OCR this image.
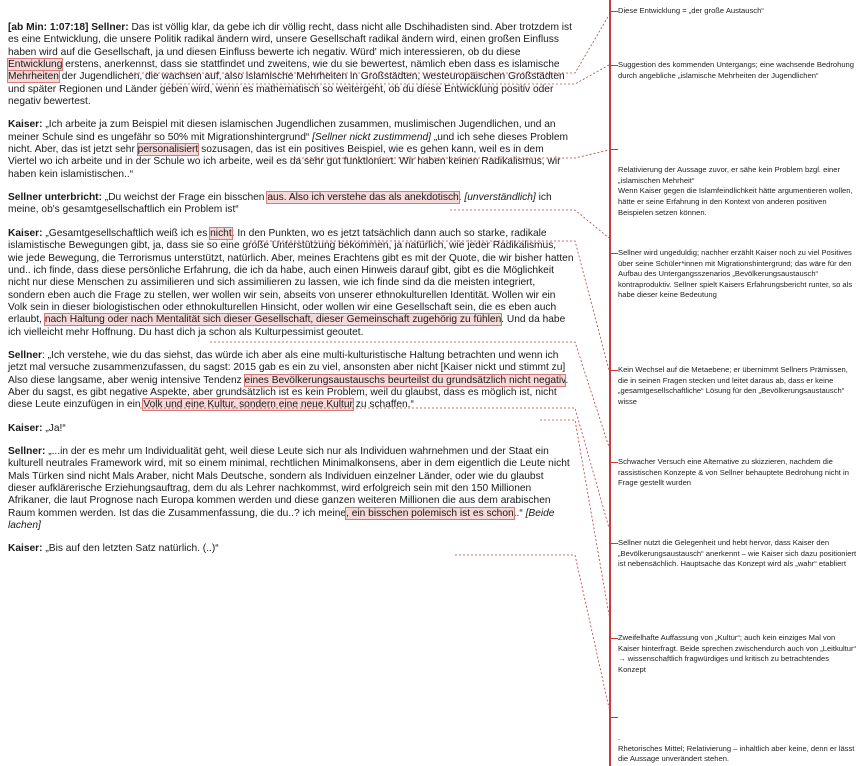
[ab Min: 1:07:18] Sellner: Das ist völlig klar, da gebe ich dir völlig recht, dass nicht alle Dschihadisten sind. Aber trotzdem ist es eine Entwicklung, die unsere Politik radikal ändern wird, unsere Gesellschaft radikal ändern wird, einen großen Einfluss haben wird auf die Gesellschaft, ja und diesen Einfluss bewerte ich negativ. Würd' mich interessieren, ob du diese Entwicklung erstens, anerkennst, dass sie stattfindet und zweitens, wie du sie bewertest, nämlich eben dass es islamische Mehrheiten der Jugendlichen, die wachsen auf, also islamische Mehrheiten in Großstädten, westeuropäischen Großstädten und später Regionen und Länder geben wird, wenn es mathematisch so weitergeht, ob du diese Entwicklung positiv oder negativ bewertest.

Kaiser: „Ich arbeite ja zum Beispiel mit diesen islamischen Jugendlichen zusammen, muslimischen Jugendlichen, und an meiner Schule sind es ungefähr so 50% mit Migrationshintergrund“ [Sellner nickt zustimmend] „und ich sehe dieses Problem nicht. Aber, das ist jetzt sehr personalisiert sozusagen, das ist ein positives Beispiel, wie es gehen kann, weil es in dem Viertel wo ich arbeite und in der Schule wo ich arbeite, weil es da sehr gut funktioniert. Wir haben keinen Radikalismus, wir haben kein islamistischen..“

Sellner unterbricht: „Du weichst der Frage ein bisschen aus. Also ich verstehe das als anekdotisch. [unverständlich] ich meine, ob's gesamtgesellschaftlich ein Problem ist“

Kaiser: „Gesamtgesellschaftlich weiß ich es nicht. In den Punkten, wo es jetzt tatsächlich dann auch so starke, radikale islamistische Bewegungen gibt, ja, dass sie so eine große Unterstützung bekommen, ja natürlich, wie jeder Radikalismus, wie jede Bewegung, die Terrorismus unterstützt, natürlich. Aber, meines Erachtens gibt es mit der Quote, die wir bisher hatten und.. ich finde, dass diese persönliche Erfahrung, die ich da habe, auch einen Hinweis darauf gibt, gibt es die Möglichkeit nicht nur diese Menschen zu assimilieren und sich assimilieren zu lassen, wie ich finde sind da die meisten integriert, sondern eben auch die Frage zu stellen, wer wollen wir sein, abseits von unserer ethnokulturellen Identität. Wollen wir ein Volk sein in dieser biologistischen oder ethnokulturellen Hinsicht, oder wollen wir eine Gesellschaft sein, die es eben auch erlaubt, nach Haltung oder nach Mentalität sich dieser Gesellschaft, dieser Gemeinschaft zugehörig zu fühlen. Und da habe ich vielleicht mehr Hoffnung. Du hast dich ja schon als Kulturpessimist geoutet.

Sellner: „Ich verstehe, wie du das siehst, das würde ich aber als eine multi-kulturistische Haltung betrachten und wenn ich jetzt mal versuche zusammenzufassen, du sagst: 2015 gab es ein zu viel, ansonsten aber nicht [Kaiser nickt und stimmt zu] Also diese langsame, aber wenig intensive Tendenz eines Bevölkerungsaustauschs beurteilst du grundsätzlich nicht negativ. Aber du sagst, es gibt negative Aspekte, aber grundsätzlich ist es kein Problem, weil du glaubst, dass es möglich ist, nicht diese Leute einzufügen in ein Volk und eine Kultur, sondern eine neue Kultur zu schaffen.“

Kaiser: „Ja!“

Sellner: „...in der es mehr um Individualität geht, weil diese Leute sich nur als Individuen wahrnehmen und der Staat ein kulturell neutrales Framework wird, mit so einem minimal, rechtlichen Minimalkonsens, aber in dem eigentlich die Leute nicht Mals Türken sind nicht Mals Araber, nicht Mals Deutsche, sondern als Individuen einzelner Länder, oder wie du glaubst dieser aufklärerische Erziehungsauftrag, dem du als Lehrer nachkommst, wird erfolgreich sein mit den 150 Millionen Afrikaner, die laut Prognose nach Europa kommen werden und diese ganzen weiteren Millionen die aus dem arabischen Raum kommen werden. Ist das die Zusammenfassung, die du..? ich meine, ein bisschen polemisch ist es schon..“ [Beide lachen]

Kaiser: „Bis auf den letzten Satz natürlich. (..)“

Diese Entwicklung = „der große Austausch“
Suggestion des kommenden Untergangs; eine wachsende Bedrohung durch angebliche „islamische Mehrheiten der Jugendlichen“

Relativierung der Aussage zuvor, er sähe kein Problem bzgl. einer „islamischen Mehrheit“
Wenn Kaiser gegen die Islamfeindlichkeit hätte argumentieren wollen, hätte er seine Erfahrung in den Kontext von anderen positiven Beispielen setzen können.

Sellner wird ungeduldig; nachher erzählt Kaiser noch zu viel Positives über seine Schüler*innen mit Migrationshintergrund; das wäre für den Aufbau des Untergangsszenarios „Bevölkerungsaustausch“ kontraproduktiv. Sellner spielt Kaisers Erfahrungsbericht runter, so als habe dieser keine Bedeutung
Kein Wechsel auf die Metaebene; er übernimmt Sellners Prämissen, die in seinen Fragen stecken und leitet daraus ab, dass er keine „gesamtgesellschaftliche“ Lösung für den „Bevölkerungsaustausch“ wisse
Schwacher Versuch eine Alternative zu skizzieren, nachdem die rassistischen Konzepte & von Sellner behauptete Bedrohung nicht in Frage gestellt wurden
Sellner nutzt die Gelegenheit und hebt hervor, dass Kaiser den „Bevölkerungsaustausch“ anerkennt – wie Kaiser sich dazu positioniert ist nebensächlich. Hauptsache das Konzept wird als „wahr“ etabliert
Zweifelhafte Auffassung von „Kultur“; auch kein einziges Mal von Kaiser hinterfragt. Beide sprechen zwischendurch auch von „Leitkultur“ → wissenschaftlich fragwürdiges und kritisch zu betrachtendes Konzept

.
Rhetorisches Mittel; Relativierung – inhaltlich aber keine, denn er lässt die Aussage unverändert stehen.
